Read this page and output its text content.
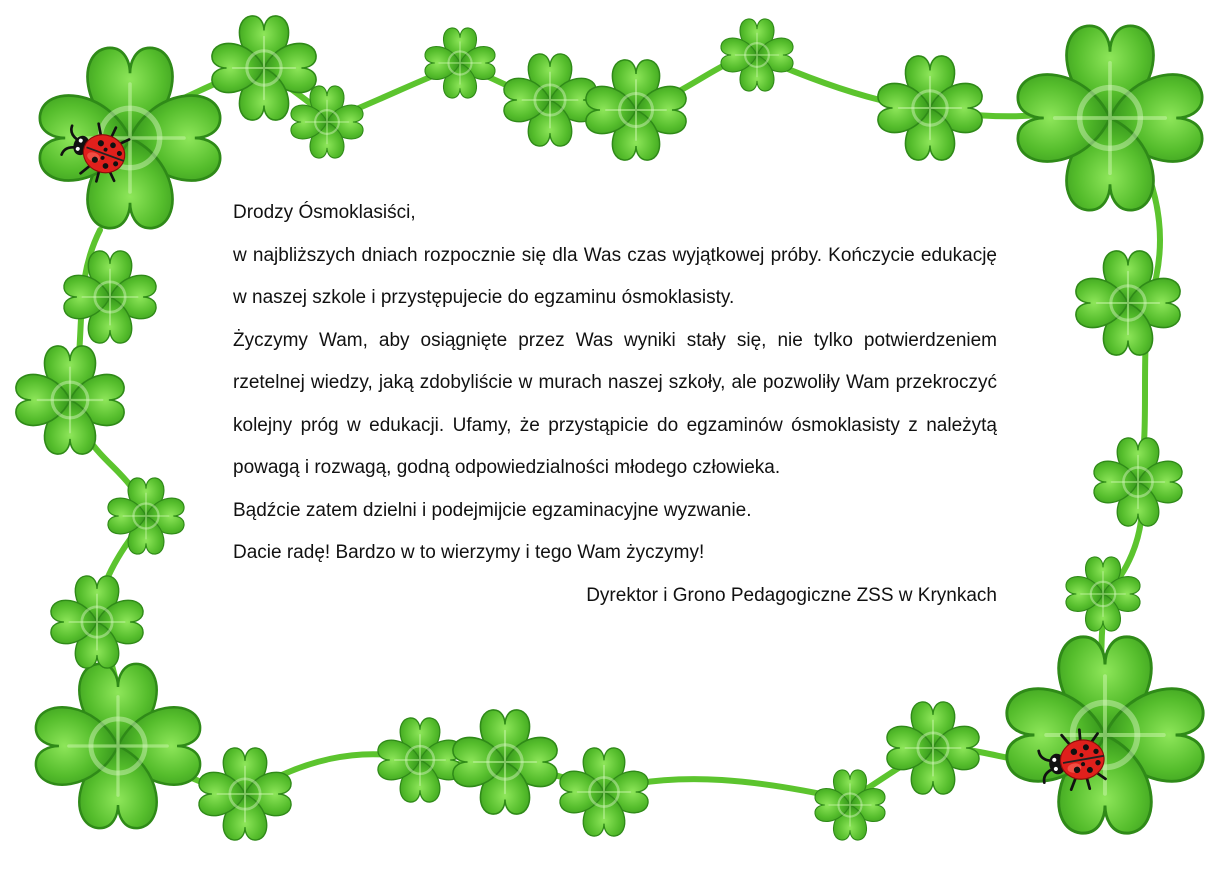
Drodzy Ósmoklasiści,

w najbliższych dniach rozpocznie się dla Was czas wyjątkowej próby. Kończycie edukację w naszej szkole i przystępujecie do egzaminu ósmoklasisty.

Życzymy Wam, aby osiągnięte przez Was wyniki stały się, nie tylko potwierdzeniem rzetelnej wiedzy, jaką zdobyliście w murach naszej szkoły, ale pozwoliły Wam przekroczyć kolejny próg w edukacji. Ufamy, że przystąpicie do egzaminów ósmoklasisty z należytą powagą i rozwagą, godną odpowiedzialności młodego człowieka.

Bądźcie zatem dzielni i podejmijcie egzaminacyjne wyzwanie.

Dacie radę! Bardzo w to wierzymy i tego Wam życzymy!

Dyrektor i Grono Pedagogiczne ZSS w Krynkach
